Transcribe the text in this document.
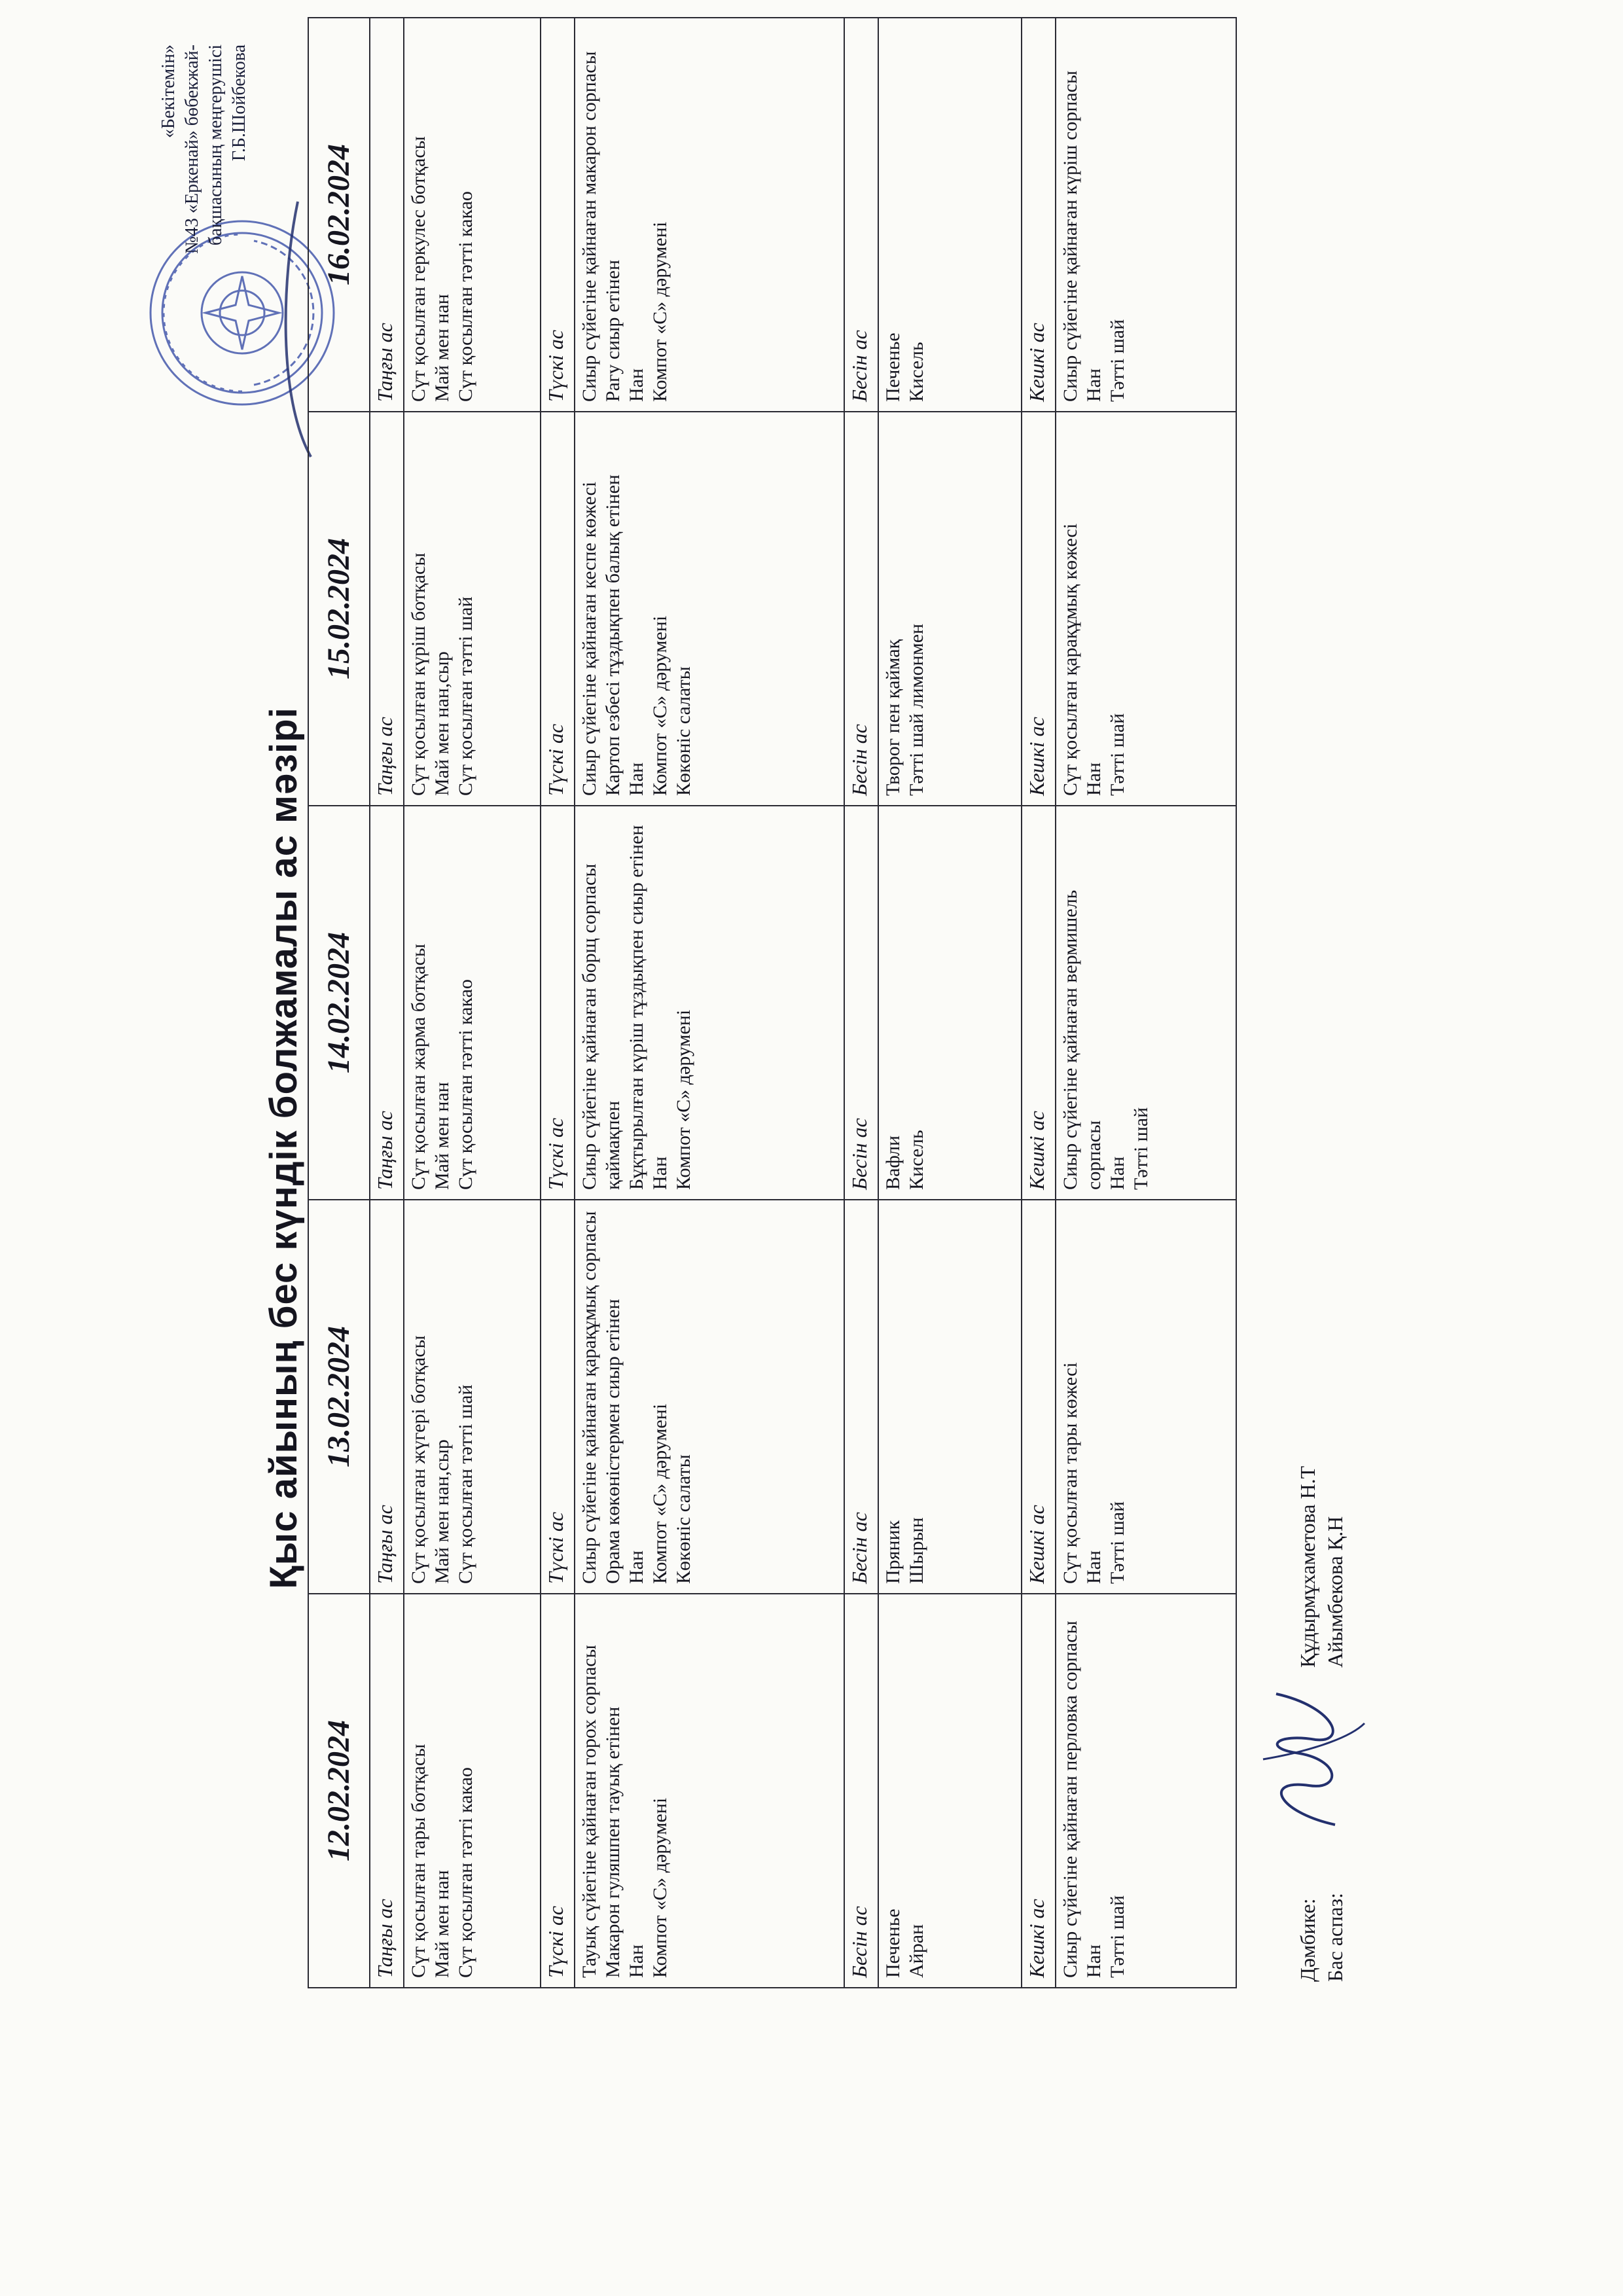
«Бекітемін» №43 «Еркенай» бөбекжай- бақшасының меңгерушісі Г.Б.Шойбекова
Қыс айының бес күндік болжамалы ас мәзірі
12.02.2024	13.02.2024	14.02.2024	15.02.2024	16.02.2024
Таңғы ас	Таңғы ас	Таңғы ас	Таңғы ас	Таңғы ас

Сүт қосылған тары ботқасы Май мен нан Сүт қосылған тәтті какао	Сүт қосылған жүгері ботқасы Май мен нан,сыр Сүт қосылған тәтті шай	Сүт қосылған жарма ботқасы Май мен нан Сүт қосылған тәтті какао	Сүт қосылған күріш ботқасы Май мен нан,сыр Сүт қосылған тәтті шай	Сүт қосылған геркулес ботқасы Май мен нан Сүт қосылған тәтті какао

Түскі ас	Түскі ас	Түскі ас	Түскі ас	Түскі ас

Тауық сүйегіне қайнаған горох сорпасы Макарон гуляшпен тауық етінен Нан Компот «С» дәрумені	Сиыр сүйегіне қайнаған қарақұмық сорпасы Орама көкөністермен сиыр етінен Нан Компот «С» дәрумені Көкөніс салаты	Сиыр сүйегіне қайнаған борщ сорпасы қаймақпен Бұқтырылған күріш тұздықпен сиыр етінен Нан Компот «С» дәрумені	Сиыр сүйегіне қайнаған кеспе көжесі Картоп езбесі тұздықпен балық етінен Нан Компот «С» дәрумені Көкөніс салаты	Сиыр сүйегіне қайнаған макарон сорпасы Рагу сиыр етінен Нан Компот «С» дәрумені

Бесін ас	Бесін ас	Бесін ас	Бесін ас	Бесін ас

Печенье Айран	Пряник Шырын	Вафли Кисель	Творог пен қаймақ Тәтті шай лимонмен	Печенье Кисель

Кешкі ас	Кешкі ас	Кешкі ас	Кешкі ас	Кешкі ас

Сиыр сүйегіне қайнаған перловка сорпасы Нан Тәтті шай	Сүт қосылған тары көжесі Нан Тәтті шай	Сиыр сүйегіне қайнаған вермишель сорпасы Нан Тәтті шай	Сүт қосылған қарақұмық көжесі Нан Тәтті шай	Сиыр сүйегіне қайнаған күріш сорпасы Нан Тәтті шай
Дәмбике:
Құдырмұхаметова Н.Т
Бас аспаз:
Айымбекова Қ.Н
